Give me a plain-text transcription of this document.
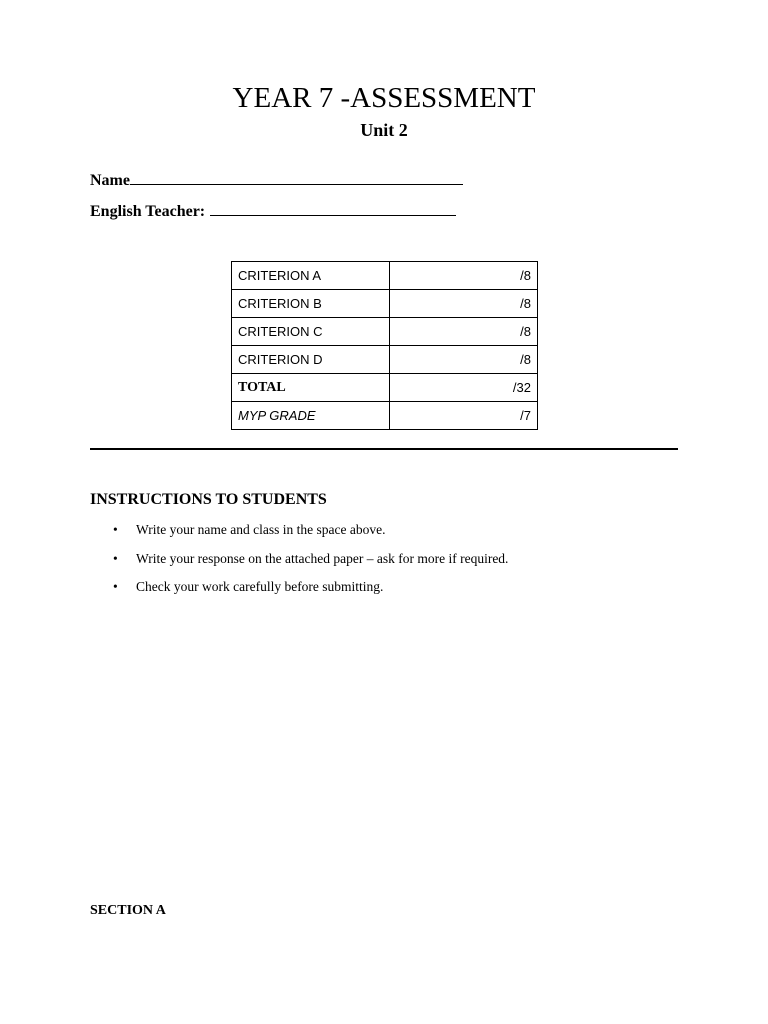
YEAR 7 -ASSESSMENT
Unit 2
Name
English Teacher:
CRITERION A	/8
CRITERION B	/8
CRITERION C	/8
CRITERION D	/8
TOTAL	/32
MYP GRADE	/7
INSTRUCTIONS TO STUDENTS
• Write your name and class in the space above.
• Write your response on the attached paper – ask for more if required.
• Check your work carefully before submitting.
SECTION A
